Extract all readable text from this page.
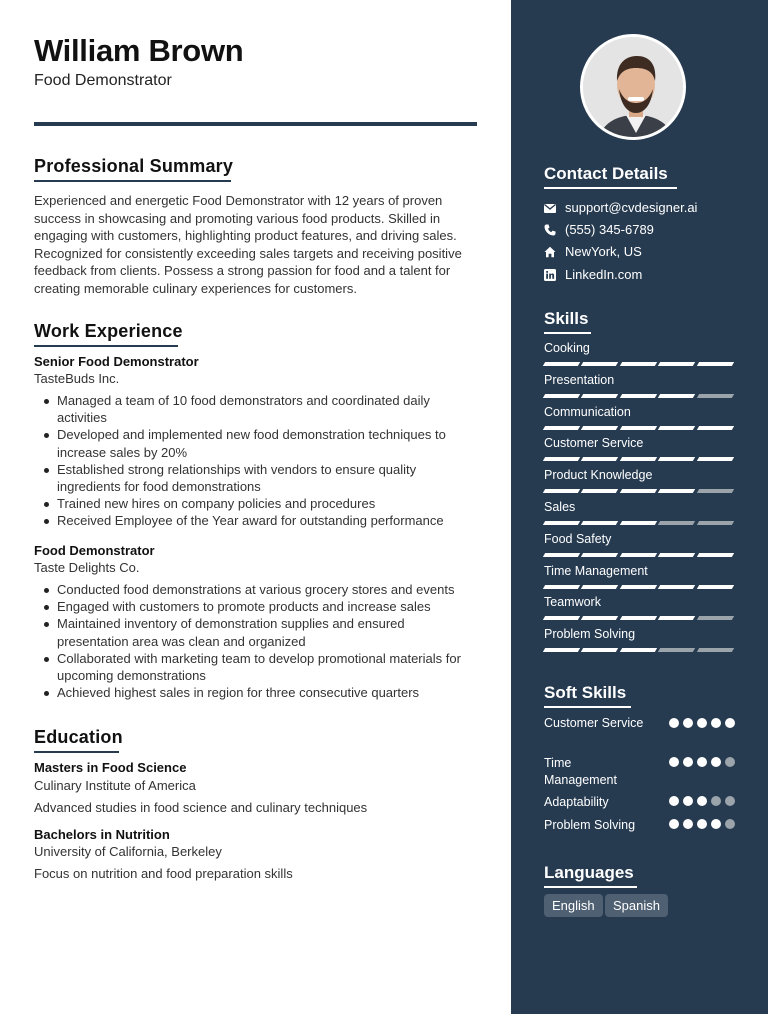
William Brown
Food Demonstrator
Professional Summary
Experienced and energetic Food Demonstrator with 12 years of proven success in showcasing and promoting various food products. Skilled in engaging with customers, highlighting product features, and driving sales. Recognized for consistently exceeding sales targets and receiving positive feedback from clients. Possess a strong passion for food and a talent for creating memorable culinary experiences for customers.
Work Experience
Senior Food Demonstrator
TasteBuds Inc.
Managed a team of 10 food demonstrators and coordinated daily activities
Developed and implemented new food demonstration techniques to increase sales by 20%
Established strong relationships with vendors to ensure quality ingredients for food demonstrations
Trained new hires on company policies and procedures
Received Employee of the Year award for outstanding performance
Food Demonstrator
Taste Delights Co.
Conducted food demonstrations at various grocery stores and events
Engaged with customers to promote products and increase sales
Maintained inventory of demonstration supplies and ensured presentation area was clean and organized
Collaborated with marketing team to develop promotional materials for upcoming demonstrations
Achieved highest sales in region for three consecutive quarters
Education
Masters in Food Science
Culinary Institute of America
Advanced studies in food science and culinary techniques
Bachelors in Nutrition
University of California, Berkeley
Focus on nutrition and food preparation skills
Contact Details
support@cvdesigner.ai
(555) 345-6789
NewYork, US
LinkedIn.com
Skills
Cooking
Presentation
Communication
Customer Service
Product Knowledge
Sales
Food Safety
Time Management
Teamwork
Problem Solving
Soft Skills
Customer Service
Time Management
Adaptability
Problem Solving
Languages
English	Spanish
